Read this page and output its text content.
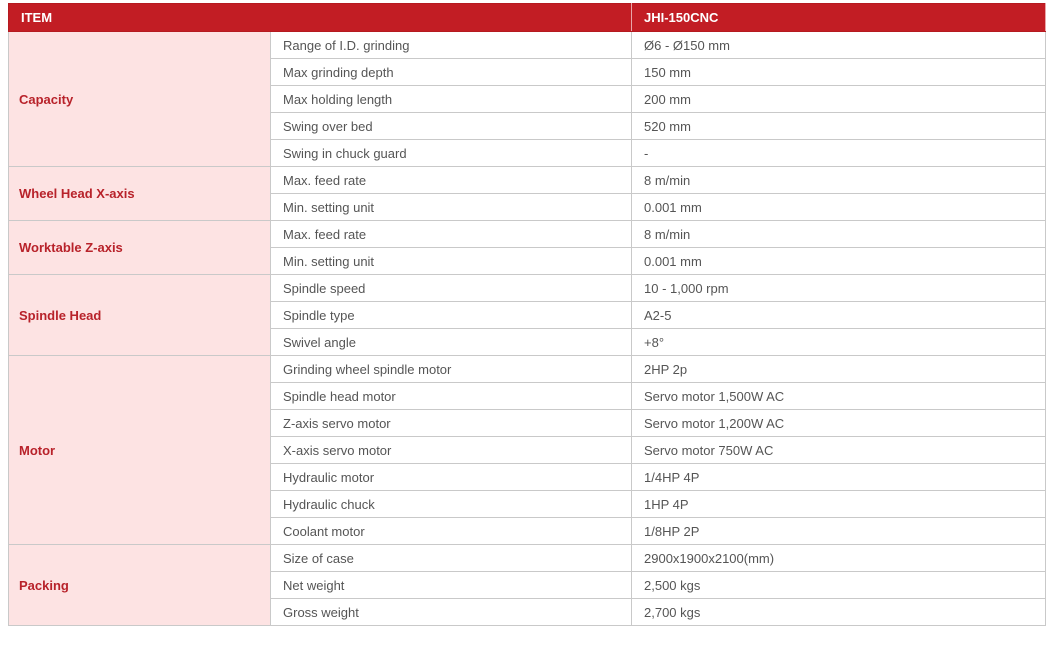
ITEM		JHI-150CNC
Capacity	Range of I.D. grinding	Ø6 - Ø150 mm
	Max grinding depth	150 mm
	Max holding length	200 mm
	Swing over bed	520 mm
	Swing in chuck guard	-
Wheel Head X-axis	Max. feed rate	8 m/min
	Min. setting unit	0.001 mm
Worktable Z-axis	Max. feed rate	8 m/min
	Min. setting unit	0.001 mm
Spindle Head	Spindle speed	10 - 1,000 rpm
	Spindle type	A2-5
	Swivel angle	+8°
Motor	Grinding wheel spindle motor	2HP 2p
	Spindle head motor	Servo motor 1,500W AC
	Z-axis servo motor	Servo motor 1,200W AC
	X-axis servo motor	Servo motor 750W AC
	Hydraulic motor	1/4HP 4P
	Hydraulic chuck	1HP 4P
	Coolant motor	1/8HP 2P
Packing	Size of case	2900x1900x2100(mm)
	Net weight	2,500 kgs
	Gross weight	2,700 kgs
